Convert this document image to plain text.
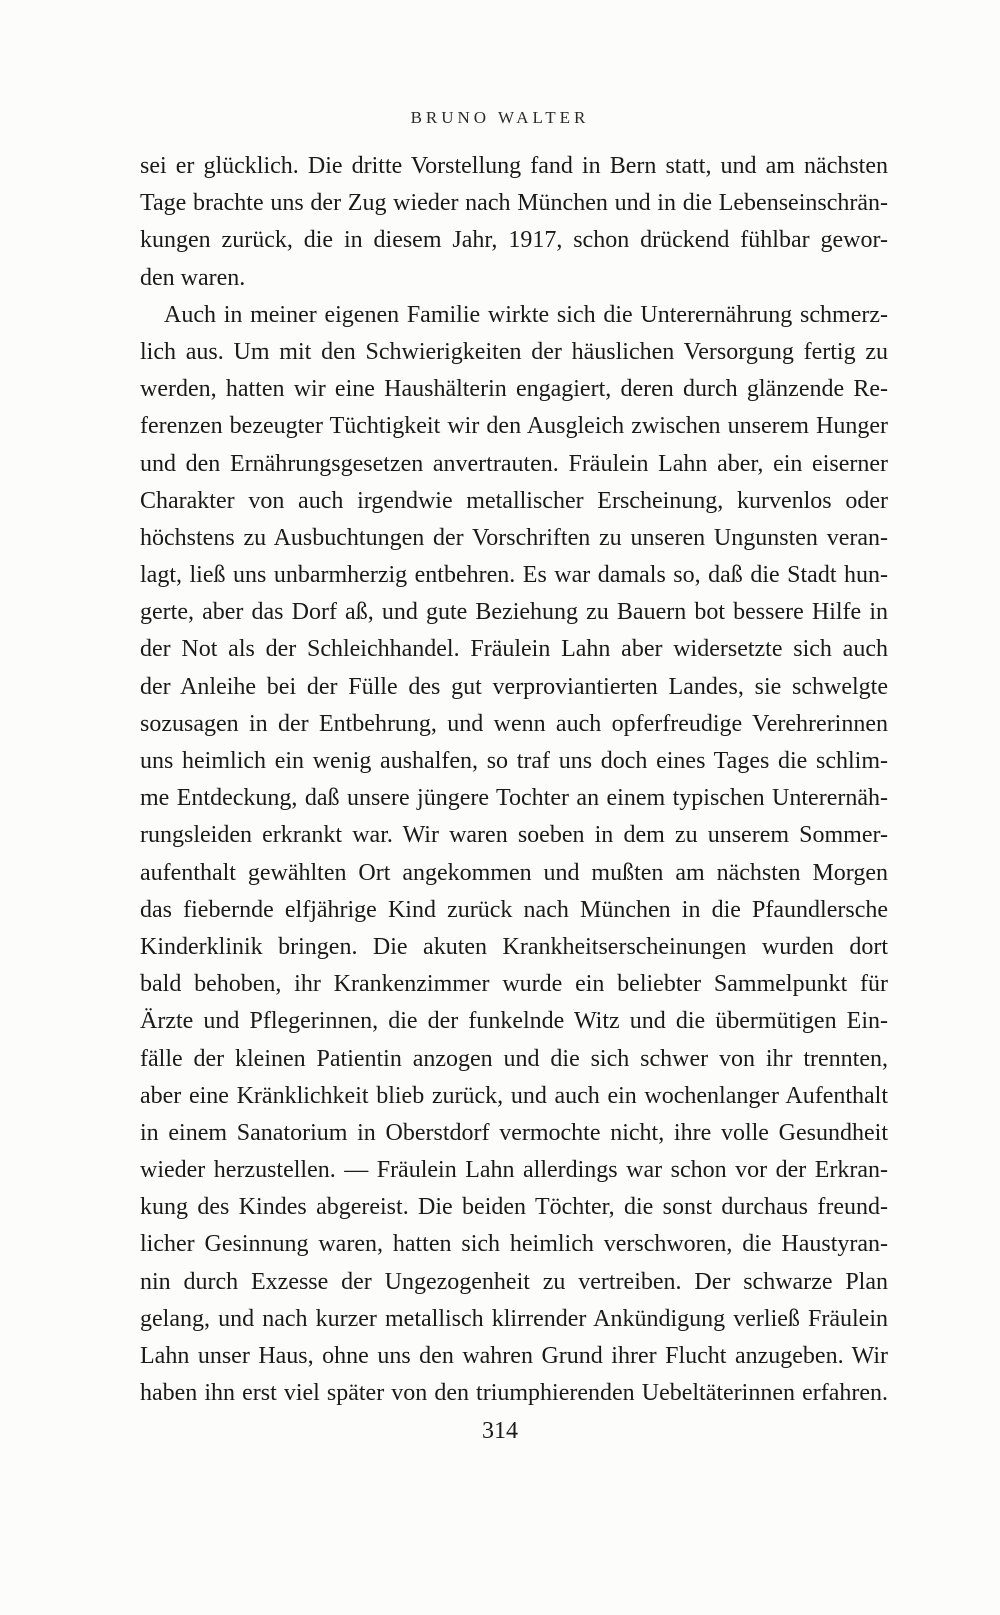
BRUNO WALTER
sei er glücklich. Die dritte Vorstellung fand in Bern statt, und am nächsten
Tage brachte uns der Zug wieder nach München und in die Lebenseinschrän-
kungen zurück, die in diesem Jahr, 1917, schon drückend fühlbar gewor-
den waren.
Auch in meiner eigenen Familie wirkte sich die Unterernährung schmerz-
lich aus. Um mit den Schwierigkeiten der häuslichen Versorgung fertig zu
werden, hatten wir eine Haushälterin engagiert, deren durch glänzende Re-
ferenzen bezeugter Tüchtigkeit wir den Ausgleich zwischen unserem Hunger
und den Ernährungsgesetzen anvertrauten. Fräulein Lahn aber, ein eiserner
Charakter von auch irgendwie metallischer Erscheinung, kurvenlos oder
höchstens zu Ausbuchtungen der Vorschriften zu unseren Ungunsten veran-
lagt, ließ uns unbarmherzig entbehren. Es war damals so, daß die Stadt hun-
gerte, aber das Dorf aß, und gute Beziehung zu Bauern bot bessere Hilfe in
der Not als der Schleichhandel. Fräulein Lahn aber widersetzte sich auch
der Anleihe bei der Fülle des gut verproviantierten Landes, sie schwelgte
sozusagen in der Entbehrung, und wenn auch opferfreudige Verehrerinnen
uns heimlich ein wenig aushalfen, so traf uns doch eines Tages die schlim-
me Entdeckung, daß unsere jüngere Tochter an einem typischen Unterernäh-
rungsleiden erkrankt war. Wir waren soeben in dem zu unserem Sommer-
aufenthalt gewählten Ort angekommen und mußten am nächsten Morgen
das fiebernde elfjährige Kind zurück nach München in die Pfaundlersche
Kinderklinik bringen. Die akuten Krankheitserscheinungen wurden dort
bald behoben, ihr Krankenzimmer wurde ein beliebter Sammelpunkt für
Ärzte und Pflegerinnen, die der funkelnde Witz und die übermütigen Ein-
fälle der kleinen Patientin anzogen und die sich schwer von ihr trennten,
aber eine Kränklichkeit blieb zurück, und auch ein wochenlanger Aufenthalt
in einem Sanatorium in Oberstdorf vermochte nicht, ihre volle Gesundheit
wieder herzustellen. — Fräulein Lahn allerdings war schon vor der Erkran-
kung des Kindes abgereist. Die beiden Töchter, die sonst durchaus freund-
licher Gesinnung waren, hatten sich heimlich verschworen, die Haustyran-
nin durch Exzesse der Ungezogenheit zu vertreiben. Der schwarze Plan
gelang, und nach kurzer metallisch klirrender Ankündigung verließ Fräulein
Lahn unser Haus, ohne uns den wahren Grund ihrer Flucht anzugeben. Wir
haben ihn erst viel später von den triumphierenden Uebeltäterinnen erfahren.
314
